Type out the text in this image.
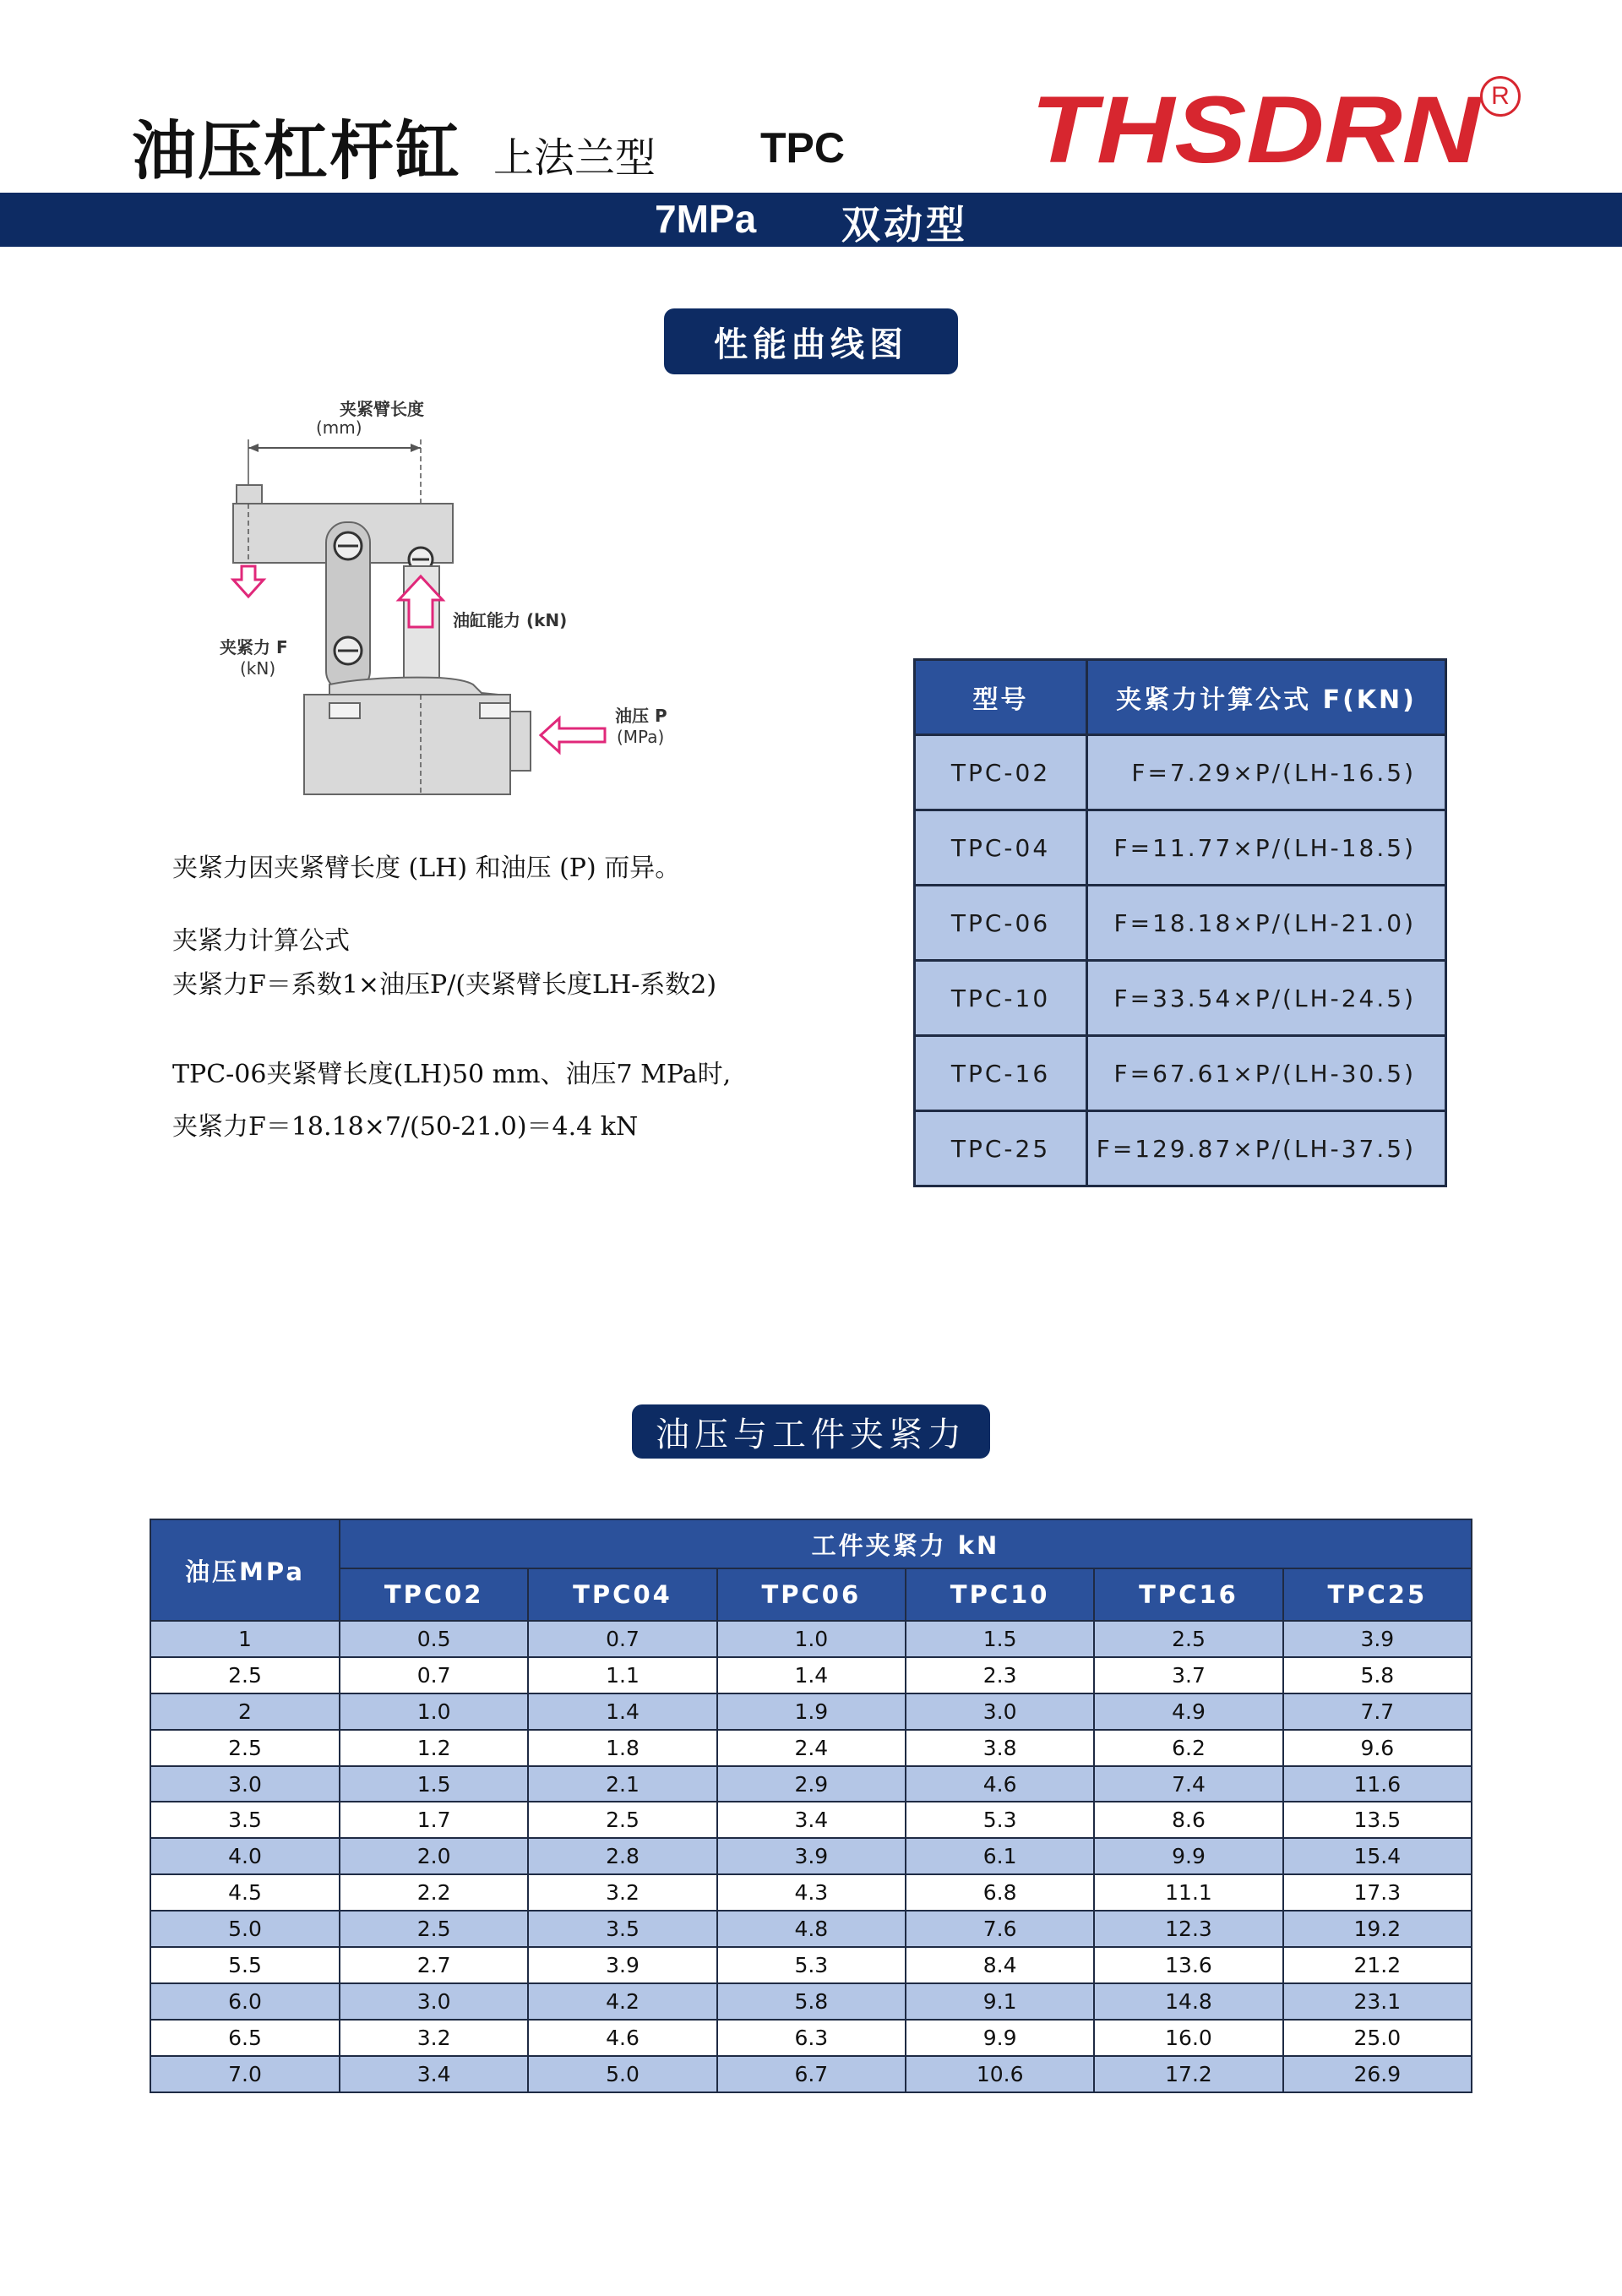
油压杠杆缸 上法兰型 TPC THSDRN R
7MPa 双动型
性能曲线图
夹紧臂长度
(mm)
夹紧力 F
(kN)
油缸能力 (kN)
油压 P
(MPa)
夹紧力因夹紧臂长度 (LH) 和油压 (P) 而异。
夹紧力计算公式
夹紧力F＝系数1×油压P/(夹紧臂长度LH-系数2)
TPC-06夹紧臂长度(LH)50 mm、油压7 MPa时,
夹紧力F＝18.18×7/(50-21.0)＝4.4 kN
型号	夹紧力计算公式 F(KN)
TPC-02	F=7.29×P/(LH-16.5)
TPC-04	F=11.77×P/(LH-18.5)
TPC-06	F=18.18×P/(LH-21.0)
TPC-10	F=33.54×P/(LH-24.5)
TPC-16	F=67.61×P/(LH-30.5)
TPC-25	F=129.87×P/(LH-37.5)
油压与工件夹紧力
油压MPa	工件夹紧力 kN					
	TPC02	TPC04	TPC06	TPC10	TPC16	TPC25
1	0.5	0.7	1.0	1.5	2.5	3.9
2.5	0.7	1.1	1.4	2.3	3.7	5.8
2	1.0	1.4	1.9	3.0	4.9	7.7
2.5	1.2	1.8	2.4	3.8	6.2	9.6
3.0	1.5	2.1	2.9	4.6	7.4	11.6
3.5	1.7	2.5	3.4	5.3	8.6	13.5
4.0	2.0	2.8	3.9	6.1	9.9	15.4
4.5	2.2	3.2	4.3	6.8	11.1	17.3
5.0	2.5	3.5	4.8	7.6	12.3	19.2
5.5	2.7	3.9	5.3	8.4	13.6	21.2
6.0	3.0	4.2	5.8	9.1	14.8	23.1
6.5	3.2	4.6	6.3	9.9	16.0	25.0
7.0	3.4	5.0	6.7	10.6	17.2	26.9
